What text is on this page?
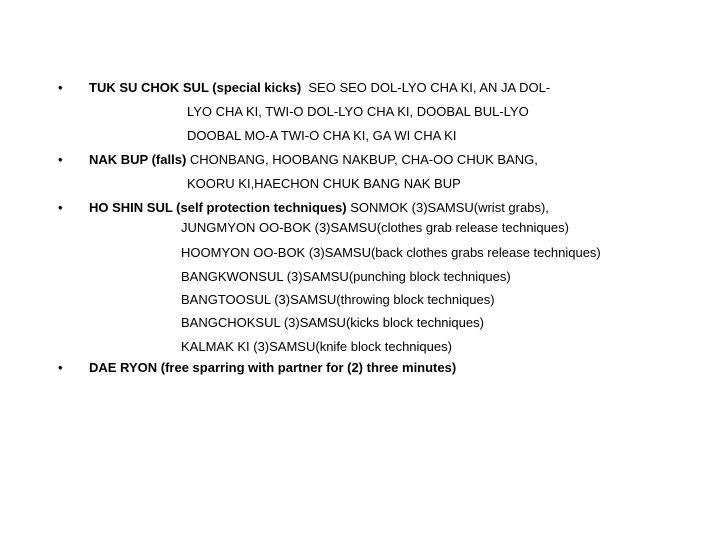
• TUK SU CHOK SUL (special kicks) SEO SEO DOL-LYO CHA KI, AN JA DOL-
LYO CHA KI, TWI-O DOL-LYO CHA KI, DOOBAL BUL-LYO
DOOBAL MO-A TWI-O CHA KI, GA WI CHA KI
• NAK BUP (falls) CHONBANG, HOOBANG NAKBUP, CHA-OO CHUK BANG,
KOORU KI,HAECHON CHUK BANG NAK BUP
• HO SHIN SUL (self protection techniques) SONMOK (3)SAMSU(wrist grabs),
JUNGMYON OO-BOK (3)SAMSU(clothes grab release techniques)
HOOMYON OO-BOK (3)SAMSU(back clothes grabs release techniques)
BANGKWONSUL (3)SAMSU(punching block techniques)
BANGTOOSUL (3)SAMSU(throwing block techniques)
BANGCHOKSUL (3)SAMSU(kicks block techniques)
KALMAK KI (3)SAMSU(knife block techniques)
• DAE RYON (free sparring with partner for (2) three minutes)
